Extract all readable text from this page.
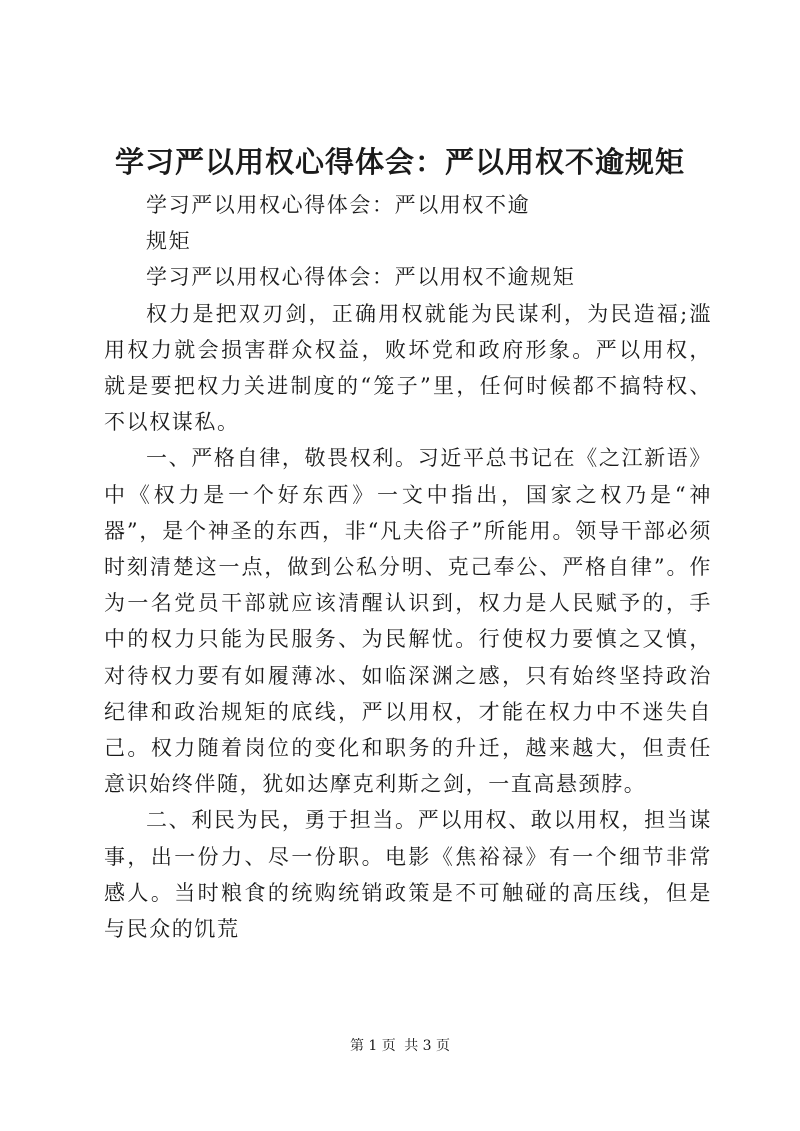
学习严以用权心得体会：严以用权不逾规矩

学习严以用权心得体会：严以用权不逾

规矩

学习严以用权心得体会：严以用权不逾规矩

权力是把双刃剑，正确用权就能为民谋利，为民造福;滥用权力就会损害群众权益，败坏党和政府形象。严以用权，就是要把权力关进制度的“笼子”里，任何时候都不搞特权、不以权谋私。

一、严格自律，敬畏权利。习近平总书记在《之江新语》中《权力是一个好东西》一文中指出，国家之权乃是“神器”，是个神圣的东西，非“凡夫俗子”所能用。领导干部必须时刻清楚这一点，做到公私分明、克己奉公、严格自律”。作为一名党员干部就应该清醒认识到，权力是人民赋予的，手中的权力只能为民服务、为民解忧。行使权力要慎之又慎，对待权力要有如履薄冰、如临深渊之感，只有始终坚持政治纪律和政治规矩的底线，严以用权，才能在权力中不迷失自己。权力随着岗位的变化和职务的升迁，越来越大，但责任意识始终伴随，犹如达摩克利斯之剑，一直高悬颈脖。

二、利民为民，勇于担当。严以用权、敢以用权，担当谋事，出一份力、尽一份职。电影《焦裕禄》有一个细节非常感人。当时粮食的统购统销政策是不可触碰的高压线，但是与民众的饥荒

第 1 页 共 3 页
